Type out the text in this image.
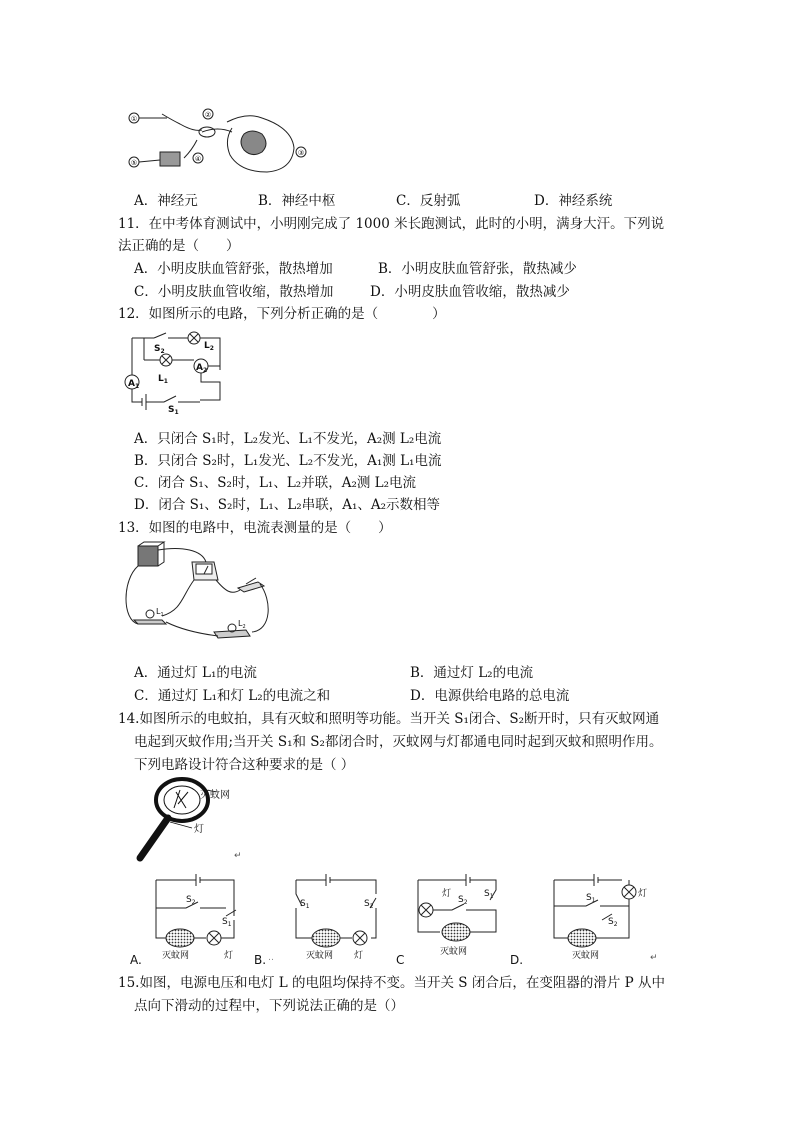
①	②
③
④
⑤
A．神经元	B．神经中枢	C．反射弧	D．神经系统
11．在中考体育测试中，小明刚完成了 1000 米长跑测试，此时的小明，满身大汗。下列说
法正确的是（　　）
A．小明皮肤血管舒张，散热增加	B．小明皮肤血管舒张，散热减少
C．小明皮肤血管收缩，散热增加	D．小明皮肤血管收缩，散热减少
12．如图所示的电路，下列分析正确的是（　　　　）
$S_2$
$L_2$
$A_1$
$L_1$
$A_2$
$S_1$
A．只闭合 S₁时，L₂发光、L₁不发光，A₂测 L₂电流
B．只闭合 S₂时，L₁发光、L₂不发光，A₁测 L₁电流
C．闭合 S₁、S₂时，L₁、L₂并联，A₂测 L₂电流
D．闭合 S₁、S₂时，L₁、L₂串联，A₁、A₂示数相等
13．如图的电路中，电流表测量的是（　　）
$L_1$
$L_2$
A．通过灯 L₁的电流	B．通过灯 L₂的电流
C．通过灯 L₁和灯 L₂的电流之和	D．电源供给电路的总电流
14.如图所示的电蚊拍，具有灭蚊和照明等功能。当开关 S₁闭合、S₂断开时，只有灭蚊网通
电起到灭蚊作用;当开关 S₁和 S₂都闭合时，灭蚊网与灯都通电同时起到灭蚊和照明作用。
下列电路设计符合这种要求的是（ ）
灭蚊网
灯
↵
$S_2$
$S_1$
灭蚊网	灯
$S_1$	$S_2$
灭蚊网 灯
灯
$S_2$
$S_1$
灭蚊网
灯
$S_1$
$S_2$
灭蚊网
A.	‥	C	D.
B.	↵
15.如图，电源电压和电灯 L 的电阻均保持不变。当开关 S 闭合后，在变阻器的滑片 P 从中
点向下滑动的过程中，下列说法正确的是（）
